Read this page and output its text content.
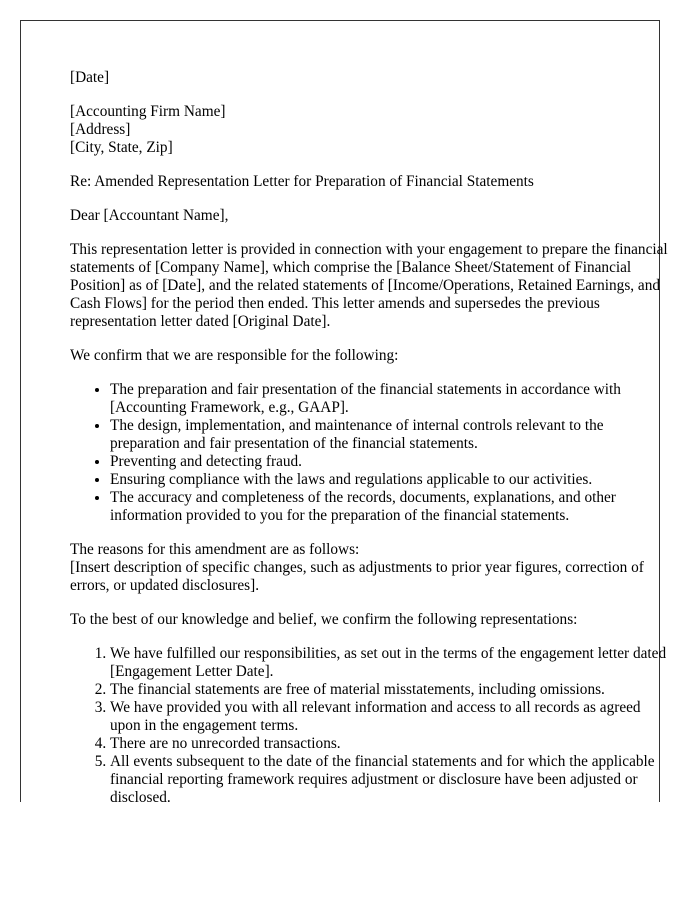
[Date]

[Accounting Firm Name]

[Address]

[City, State, Zip]

Re: Amended Representation Letter for Preparation of Financial Statements

Dear [Accountant Name],

This representation letter is provided in connection with your engagement to prepare the financial statements of [Company Name], which comprise the [Balance Sheet/Statement of Financial Position] as of [Date], and the related statements of [Income/Operations, Retained Earnings, and Cash Flows] for the period then ended. This letter amends and supersedes the previous representation letter dated [Original Date].

We confirm that we are responsible for the following:

• The preparation and fair presentation of the financial statements in accordance with [Accounting Framework, e.g., GAAP].
• The design, implementation, and maintenance of internal controls relevant to the preparation and fair presentation of the financial statements.
• Preventing and detecting fraud.
• Ensuring compliance with the laws and regulations applicable to our activities.
• The accuracy and completeness of the records, documents, explanations, and other information provided to you for the preparation of the financial statements.

The reasons for this amendment are as follows:
[Insert description of specific changes, such as adjustments to prior year figures, correction of errors, or updated disclosures].

To the best of our knowledge and belief, we confirm the following representations:

1. We have fulfilled our responsibilities, as set out in the terms of the engagement letter dated [Engagement Letter Date].
2. The financial statements are free of material misstatements, including omissions.
3. We have provided you with all relevant information and access to all records as agreed upon in the engagement terms.
4. There are no unrecorded transactions.
5. All events subsequent to the date of the financial statements and for which the applicable financial reporting framework requires adjustment or disclosure have been adjusted or disclosed.
